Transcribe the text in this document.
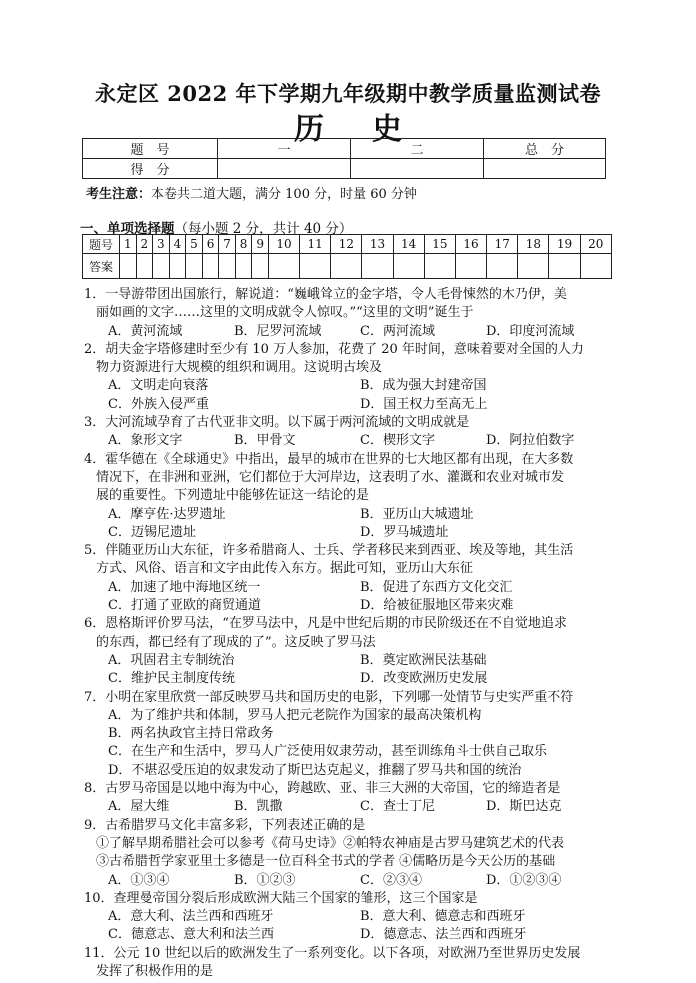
永定区 2022 年下学期九年级期中教学质量监测试卷
历史
题　号	一	二	总　分
得　分			
考生注意：本卷共二道大题，满分 100 分，时量 60 分钟
一、单项选择题（每小题 2 分，共计 40 分）
题号	1	2	3	4	5	6	7	8	9	10	11	12	13	14	15	16	17	18	19	20
答案																				
1．一导游带团出国旅行，解说道：“巍峨耸立的金字塔，令人毛骨悚然的木乃伊，美
丽如画的文字……这里的文明成就令人惊叹。”“这里的文明”诞生于
A．黄河流域	B．尼罗河流域	C．两河流域	D．印度河流域
2．胡夫金字塔修建时至少有 10 万人参加，花费了 20 年时间，意味着要对全国的人力
物力资源进行大规模的组织和调用。这说明古埃及
A．文明走向衰落	B．成为强大封建帝国
C．外族入侵严重	D．国王权力至高无上
3．大河流域孕育了古代亚非文明。以下属于两河流域的文明成就是
A．象形文字	B．甲骨文	C．楔形文字	D．阿拉伯数字
4．霍华德在《全球通史》中指出，最早的城市在世界的七大地区都有出现，在大多数
情况下，在非洲和亚洲，它们都位于大河岸边，这表明了水、灌溉和农业对城市发
展的重要性。下列遗址中能够佐证这一结论的是
A．摩亨佐·达罗遗址	B．亚历山大城遗址
C．迈锡尼遗址	D．罗马城遗址
5．伴随亚历山大东征，许多希腊商人、士兵、学者移民来到西亚、埃及等地，其生活
方式、风俗、语言和文字由此传入东方。据此可知，亚历山大东征
A．加速了地中海地区统一	B．促进了东西方文化交汇
C．打通了亚欧的商贸通道	D．给被征服地区带来灾难
6．恩格斯评价罗马法，“在罗马法中，凡是中世纪后期的市民阶级还在不自觉地追求
的东西，都已经有了现成的了”。这反映了罗马法
A．巩固君主专制统治	B．奠定欧洲民法基础
C．维护民主制度传统	D．改变欧洲历史发展
7．小明在家里欣赏一部反映罗马共和国历史的电影，下列哪一处情节与史实严重不符
A．为了维护共和体制，罗马人把元老院作为国家的最高决策机构
B．两名执政官主持日常政务
C．在生产和生活中，罗马人广泛使用奴隶劳动，甚至训练角斗士供自己取乐
D．不堪忍受压迫的奴隶发动了斯巴达克起义，推翻了罗马共和国的统治
8．古罗马帝国是以地中海为中心，跨越欧、亚、非三大洲的大帝国，它的缔造者是
A．屋大维	B．凯撒	C．查士丁尼	D．斯巴达克
9．古希腊罗马文化丰富多彩，下列表述正确的是
①了解早期希腊社会可以参考《荷马史诗》②帕特农神庙是古罗马建筑艺术的代表
③古希腊哲学家亚里士多德是一位百科全书式的学者 ④儒略历是今天公历的基础
A．①③④	B．①②③	C．②③④	D．①②③④
10．查理曼帝国分裂后形成欧洲大陆三个国家的雏形，这三个国家是
A．意大利、法兰西和西班牙	B．意大利、德意志和西班牙
C．德意志、意大利和法兰西	D．德意志、法兰西和西班牙
11．公元 10 世纪以后的欧洲发生了一系列变化。以下各项，对欧洲乃至世界历史发展
发挥了积极作用的是
